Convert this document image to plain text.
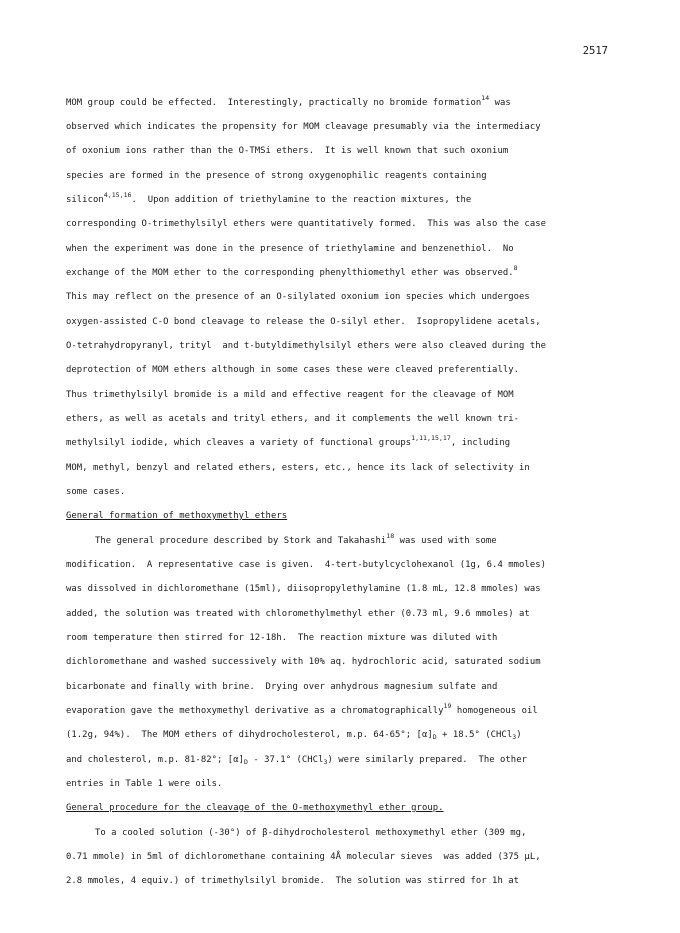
2517
MOM group could be effected.  Interestingly, practically no bromide formation$^{14}$ was
observed which indicates the propensity for MOM cleavage presumably via the intermediacy
of oxonium ions rather than the O-TMSi ethers.  It is well known that such oxonium
species are formed in the presence of strong oxygenophilic reagents containing
silicon$^{4,15,16}$.  Upon addition of triethylamine to the reaction mixtures, the
corresponding O-trimethylsilyl ethers were quantitatively formed.  This was also the case
when the experiment was done in the presence of triethylamine and benzenethiol.  No
exchange of the MOM ether to the corresponding phenylthiomethyl ether was observed.$^8$
This may reflect on the presence of an O-silylated oxonium ion species which undergoes
oxygen-assisted C-O bond cleavage to release the O-silyl ether.  Isopropylidene acetals,
O-tetrahydropyranyl, trityl  and t-butyldimethylsilyl ethers were also cleaved during the
deprotection of MOM ethers although in some cases these were cleaved preferentially.
Thus trimethylsilyl bromide is a mild and effective reagent for the cleavage of MOM
ethers, as well as acetals and trityl ethers, and it complements the well known tri-
methylsilyl iodide, which cleaves a variety of functional groups$^{1,11,15,17}$, including
MOM, methyl, benzyl and related ethers, esters, etc., hence its lack of selectivity in
some cases.
General formation of methoxymethyl ethers
The general procedure described by Stork and Takahashi$^{18}$ was used with some
modification.  A representative case is given.  4-tert-butylcyclohexanol (1g, 6.4 mmoles)
was dissolved in dichloromethane (15ml), diisopropylethylamine (1.8 mL, 12.8 mmoles) was
added, the solution was treated with chloromethylmethyl ether (0.73 ml, 9.6 mmoles) at
room temperature then stirred for 12-18h.  The reaction mixture was diluted with
dichloromethane and washed successively with 10% aq. hydrochloric acid, saturated sodium
bicarbonate and finally with brine.  Drying over anhydrous magnesium sulfate and
evaporation gave the methoxymethyl derivative as a chromatographically$^{19}$ homogeneous oil
(1.2g, 94%).  The MOM ethers of dihydrocholesterol, m.p. 64-65°; $[\alpha]_D + 18.5^\circ$ (CHCl$_3$)
and cholesterol, m.p. 81-82°; $[\alpha]_D - 37.1^\circ$ (CHCl$_3$) were similarly prepared.  The other
entries in Table 1 were oils.
General procedure for the cleavage of the O-methoxymethyl ether group.
To a cooled solution (-30°) of β-dihydrocholesterol methoxymethyl ether (309 mg,
0.71 mmole) in 5ml of dichloromethane containing 4Å molecular sieves  was added (375 μL,
2.8 mmoles, 4 equiv.) of trimethylsilyl bromide.  The solution was stirred for 1h at
